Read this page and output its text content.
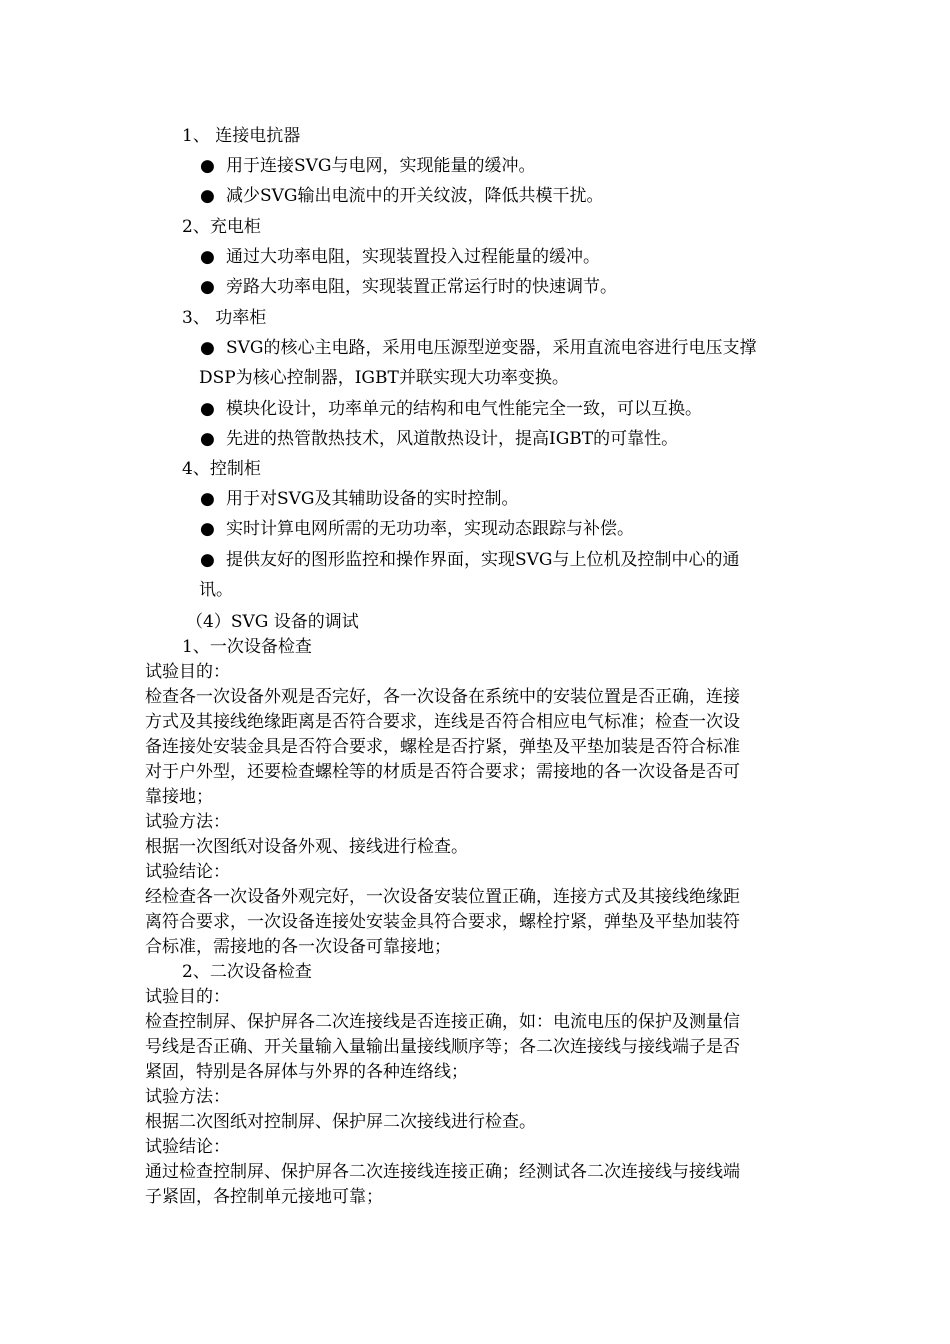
1、 连接电抗器
● 用于连接SVG与电网，实现能量的缓冲。
● 减少SVG输出电流中的开关纹波，降低共模干扰。
2、充电柜
● 通过大功率电阻，实现装置投入过程能量的缓冲。
● 旁路大功率电阻，实现装置正常运行时的快速调节。
3、 功率柜
● SVG的核心主电路，采用电压源型逆变器，采用直流电容进行电压支撑
DSP为核心控制器，IGBT并联实现大功率变换。
● 模块化设计，功率单元的结构和电气性能完全一致，可以互换。
● 先进的热管散热技术，风道散热设计，提高IGBT的可靠性。
4、控制柜
● 用于对SVG及其辅助设备的实时控制。
● 实时计算电网所需的无功功率，实现动态跟踪与补偿。
● 提供友好的图形监控和操作界面，实现SVG与上位机及控制中心的通
讯。
（4）SVG 设备的调试
1、一次设备检查
试验目的：
检查各一次设备外观是否完好，各一次设备在系统中的安装位置是否正确，连接
方式及其接线绝缘距离是否符合要求，连线是否符合相应电气标准；检查一次设
备连接处安装金具是否符合要求，螺栓是否拧紧，弹垫及平垫加装是否符合标准
对于户外型，还要检查螺栓等的材质是否符合要求；需接地的各一次设备是否可
靠接地；
试验方法：
根据一次图纸对设备外观、接线进行检查。
试验结论：
经检查各一次设备外观完好，一次设备安装位置正确，连接方式及其接线绝缘距
离符合要求，一次设备连接处安装金具符合要求，螺栓拧紧，弹垫及平垫加装符
合标准，需接地的各一次设备可靠接地；
2、二次设备检查
试验目的：
检查控制屏、保护屏各二次连接线是否连接正确，如：电流电压的保护及测量信
号线是否正确、开关量输入量输出量接线顺序等；各二次连接线与接线端子是否
紧固，特别是各屏体与外界的各种连络线；
试验方法：
根据二次图纸对控制屏、保护屏二次接线进行检查。
试验结论：
通过检查控制屏、保护屏各二次连接线连接正确；经测试各二次连接线与接线端
子紧固，各控制单元接地可靠；
